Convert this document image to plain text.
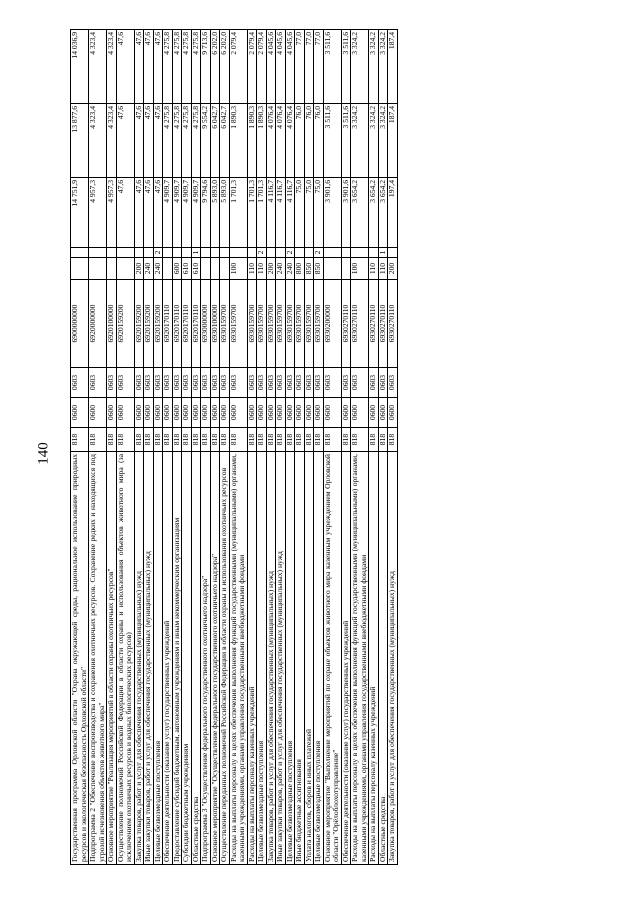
140
Государственная программа Орловской области "Охрана окружающей среды, рациональное использование природных ресурсов и экологическая безопасность Орловской области"	818	0600	0603	6900000000			14 751,9	13 877,6	14 036,9
Подпрограмма 2 "Обеспечение воспроизводства и сохранения охотничьих ресурсов. Сохранение редких и находящихся под угрозой исчезновения объектов животного мира"	818	0600	0603	6920000000			4 957,3	4 323,4	4 323,4
Основное мероприятие "Реализация мероприятий в области охраны охотничьих ресурсов"	818	0600	0603	6920100000			4 957,3	4 323,4	4 323,4
Осуществление полномочий Российской Федерации в области охраны и использования объектов животного мира (за исключением охотничьих ресурсов и водных биологических ресурсов)	818	0600	0603	6920159200			47,6	47,6	47,6
Закупка товаров, работ и услуг для обеспечения государственных (муниципальных) нужд	818	0600	0603	6920159200	200		47,6	47,6	47,6
Иные закупки товаров, работ и услуг для обеспечения государственных (муниципальных) нужд	818	0600	0603	6920159200	240		47,6	47,6	47,6
Целевые безвозмездные поступления	818	0600	0603	6920159200	240	2	47,6	47,6	47,6
Обеспечение деятельности (оказание услуг) государственных учреждений	818	0600	0603	6920170110			4 909,7	4 275,8	4 275,8
Предоставление субсидий бюджетным, автономным учреждениям и иным некоммерческим организациям	818	0600	0603	6920170110	600		4 909,7	4 275,8	4 275,8
Субсидии бюджетным учреждениям	818	0600	0603	6920170110	610		4 909,7	4 275,8	4 275,8
Областные средства	818	0600	0603	6920170110	610	1	4 909,7	4 275,8	4 275,8
Подпрограмма 3 "Осуществление федерального государственного охотничьего надзора"	818	0600	0603	6930000000			9 794,6	9 554,2	9 713,6
Основное мероприятие "Осуществление федерального государственного охотничьего надзора"	818	0600	0603	6930100000			5 893,0	6 042,7	6 202,0
Осуществление переданных полномочий Российской Федерации в области охраны и использования охотничьих ресурсов	818	0600	0603	6930159700			5 893,0	6 042,7	6 202,0
Расходы на выплаты персоналу в целях обеспечения выполнения функций государственными (муниципальными) органами, казенными учреждениями, органами управления государственными внебюджетными фондами	818	0600	0603	6930159700	100		1 701,3	1 890,3	2 079,4
Расходы на выплаты персоналу казенных учреждений	818	0600	0603	6930159700	110		1 701,3	1 890,3	2 079,4
Целевые безвозмездные поступления	818	0600	0603	6930159700	110	2	1 701,3	1 890,3	2 079,4
Закупка товаров, работ и услуг для обеспечения государственных (муниципальных) нужд	818	0600	0603	6930159700	200		4 116,7	4 076,4	4 045,6
Иные закупки товаров, работ и услуг для обеспечения государственных (муниципальных) нужд	818	0600	0603	6930159700	240		4 116,7	4 076,4	4 045,6
Целевые безвозмездные поступления	818	0600	0603	6930159700	240	2	4 116,7	4 076,4	4 045,6
Иные бюджетные ассигнования	818	0600	0603	6930159700	800		75,0	76,0	77,0
Уплата налогов, сборов и иных платежей	818	0600	0603	6930159700	850		75,0	76,0	77,0
Целевые безвозмездные поступления	818	0600	0603	6930159700	850	2	75,0	76,0	77,0
Основное мероприятие "Выполнение мероприятий по охране объектов животного мира казенным учреждением Орловской области "Орёлоблохотуправление"	818	0600	0603	6930200000			3 901,6	3 511,6	3 511,6
Обеспечение деятельности (оказание услуг) государственных учреждений	818	0600	0603	6930270110			3 901,6	3 511,6	3 511,6
Расходы на выплаты персоналу в целях обеспечения выполнения функций государственными (муниципальными) органами, казенными учреждениями, органами управления государственными внебюджетными фондами	818	0600	0603	6930270110	100		3 654,2	3 324,2	3 324,2
Расходы на выплаты персоналу казенных учреждений	818	0600	0603	6930270110	110		3 654,2	3 324,2	3 324,2
Областные средства	818	0600	0603	6930270110	110	1	3 654,2	3 324,2	3 324,2
Закупка товаров, работ и услуг для обеспечения государственных (муниципальных) нужд	818	0600	0603	6930270110	200		197,4	187,4	187,4
